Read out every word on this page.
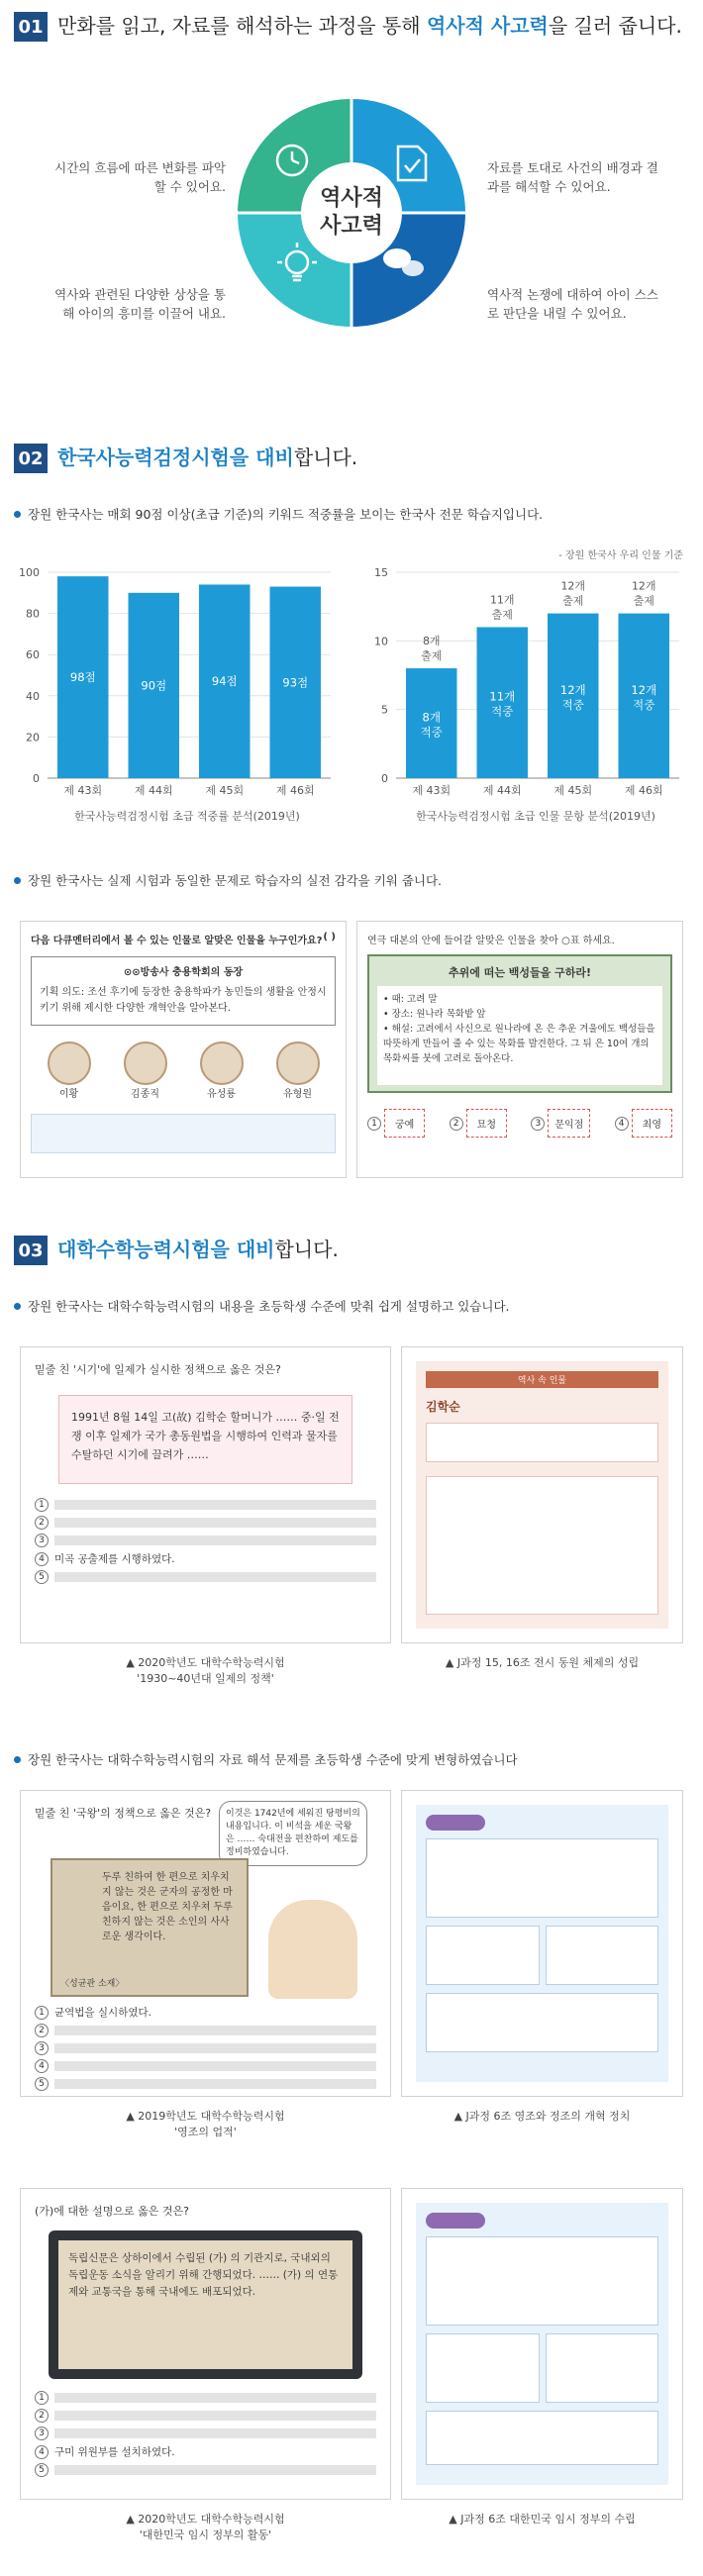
01 만화를 읽고, 자료를 해석하는 과정을 통해 역사적 사고력을 길러 줍니다.
시간의 흐름에 따른 변화를 파악할 수 있어요.
자료를 토대로 사건의 배경과 결과를 해석할 수 있어요.
역사와 관련된 다양한 상상을 통해 아이의 흥미를 이끌어 내요.
역사적 논쟁에 대하여 아이 스스로 판단을 내릴 수 있어요.
역사적
사고력
02 한국사능력검정시험을 대비합니다.
장원 한국사는 매회 90점 이상(초급 기준)의 키워드 적중률을 보이는 한국사 전문 학습지입니다.
- 장원 한국사 우리 인물 기준
0
20
40
60
80
100
98점
제 43회
90점
제 44회
94점
제 45회
93점
제 46회
한국사능력검정시험 초급 적중률 분석(2019년)
0
5
10
15
8개 적중
8개 출제
제 43회
11개 적중
11개 출제
제 44회
12개 적중
12개 출제
제 45회
12개 적중
12개 출제
제 46회
한국사능력검정시험 초급 인물 문항 분석(2019년)
장원 한국사는 실제 시험과 동일한 문제로 학습자의 실전 감각을 키워 줍니다.
다음 다큐멘터리에서 볼 수 있는 인물로 알맞은 인물을 누구인가요? ( )
⊙⊙방송사 충용학회의 동장
기획 의도: 조선 후기에 등장한 충용학파가 농민들의 생활을 안정시키기 위해 제시한 다양한 개혁안을 알아본다.
이황	김종직	유성룡	유형원
연극 대본의 안에 들어갈 알맞은 인물을 찾아 ○표 하세요.
추위에 떠는 백성들을 구하라!
• 때: 고려 말
• 장소: 원나라 목화밭 앞
• 해설: 고려에서 사신으로 원나라에 온 은 추운 겨울에도 백성들을 따뜻하게 만들어 줄 수 있는 목화를 발견한다. 그 뒤 은 10여 개의 목화씨를 붓에 고려로 돌아온다.
1	궁예	2	묘청	3	문익점	4	최영
03 대학수학능력시험을 대비합니다.
장원 한국사는 대학수학능력시험의 내용을 초등학생 수준에 맞춰 쉽게 설명하고 있습니다.
밑줄 친 '시기'에 일제가 실시한 정책으로 옳은 것은?
1991년 8월 14일 고(故) 김학순 할머니가 …… 중·일 전쟁 이후 일제가 국가 총동원법을 시행하여 인력과 물자를 수탈하던 시기에 끌려가 ……
1
2
3
4 미곡 공출제를 시행하였다.
5
▲ 2020학년도 대학수학능력시험
'1930~40년대 일제의 정책'
역사 속 인물
김학순
▲ J과정 15, 16조 전시 동원 체제의 성립
장원 한국사는 대학수학능력시험의 자료 해석 문제를 초등학생 수준에 맞게 변형하였습니다
밑줄 친 '국왕'의 정책으로 옳은 것은?	이것은 1742년에 세워진 탕평비의 내용입니다. 이 비석을 세운 국왕은 …… 숙대전을 편찬하여 제도를 정비하였습니다.
두루 친하여 한 편으로 치우치지 않는 것은 군자의 공정한 마음이요, 한 편으로 치우쳐 두루 친하지 않는 것은 소인의 사사로운 생각이다.
〈성균관 소재〉
1 균역법을 실시하였다.
2
3
4
5
▲ 2019학년도 대학수학능력시험
'영조의 업적'
▲ J과정 6조 영조와 정조의 개혁 정치
(가)에 대한 설명으로 옳은 것은?
독립신문은 상하이에서 수립된 (가) 의 기관지로, 국내외의 독립운동 소식을 알리기 위해 간행되었다. …… (가) 의 연통제와 교통국을 통해 국내에도 배포되었다.
1
2
3
4 구미 위원부를 설치하였다.
5
▲ 2020학년도 대학수학능력시험
'대한민국 임시 정부의 활동'
▲ J과정 6조 대한민국 임시 정부의 수립
